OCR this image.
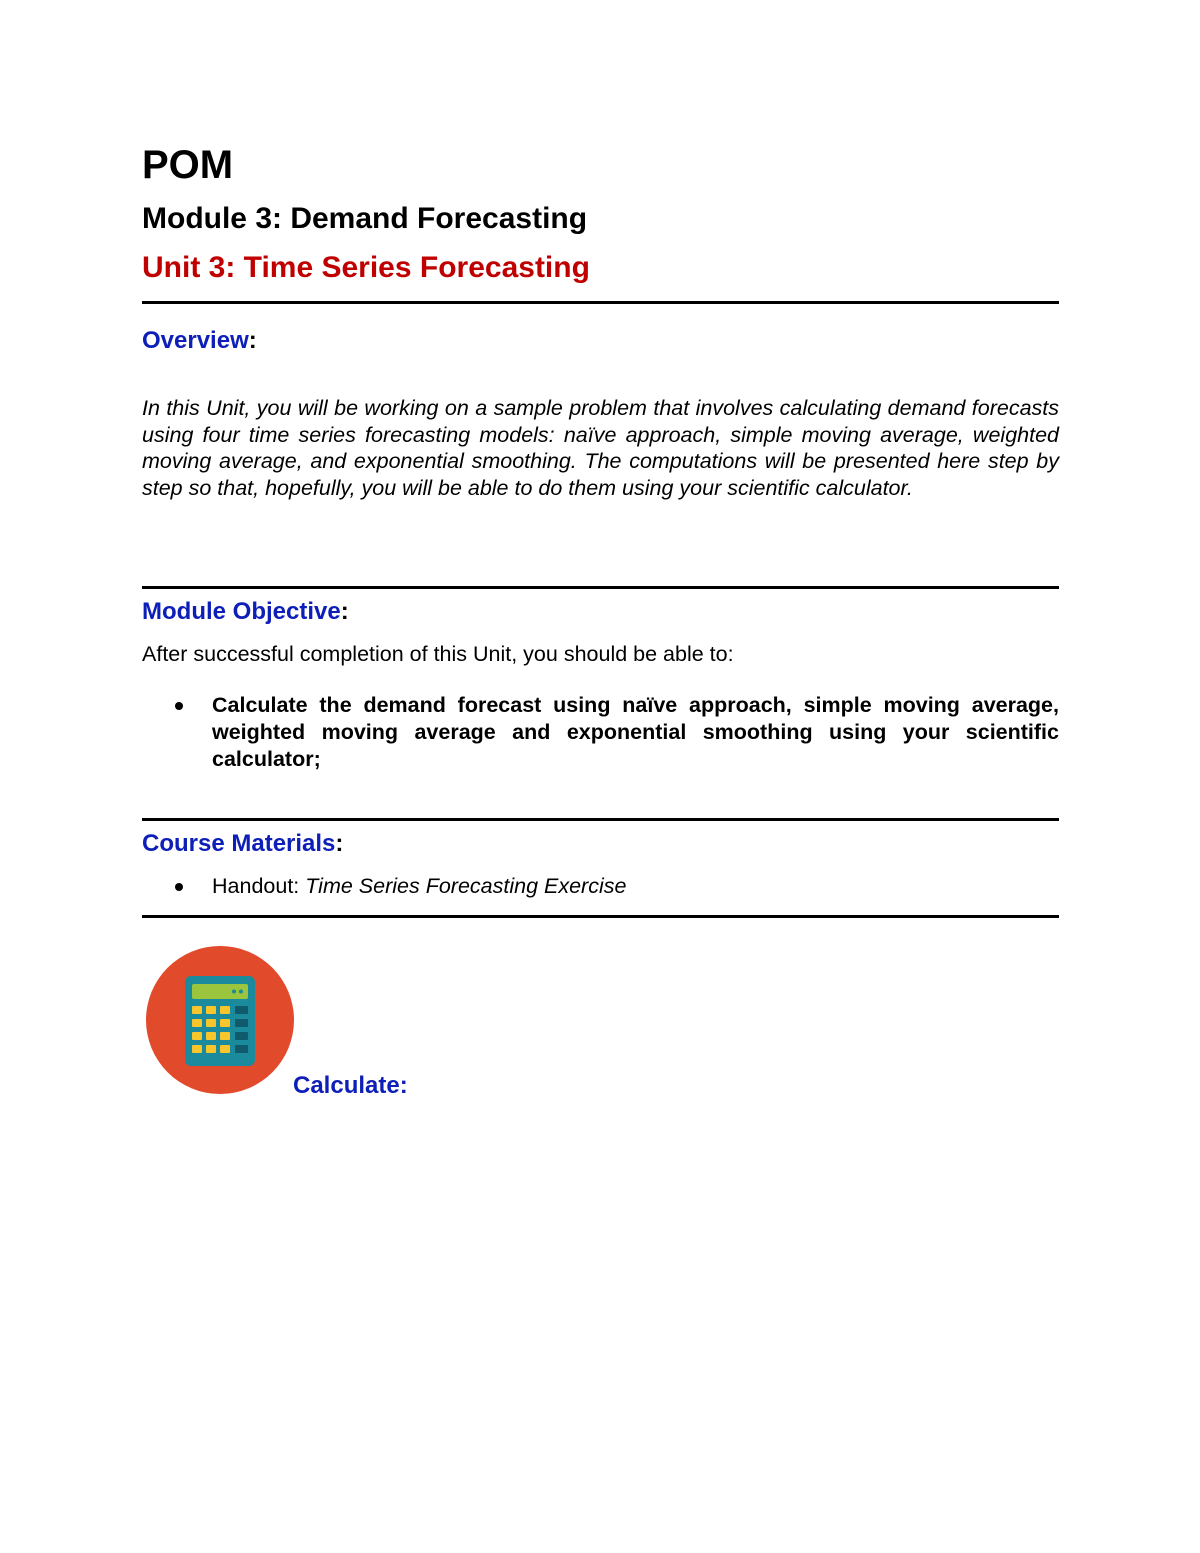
POM
Module 3: Demand Forecasting
Unit 3: Time Series Forecasting
Overview:

In this Unit, you will be working on a sample problem that involves calculating demand forecasts using four time series forecasting models: naïve approach, simple moving average, weighted moving average, and exponential smoothing. The computations will be presented here step by step so that, hopefully, you will be able to do them using your scientific calculator.

Module Objective:
After successful completion of this Unit, you should be able to:
Calculate the demand forecast using naïve approach, simple moving average, weighted moving average and exponential smoothing using your scientific calculator;
Course Materials:
Handout: Time Series Forecasting Exercise
Calculate:
